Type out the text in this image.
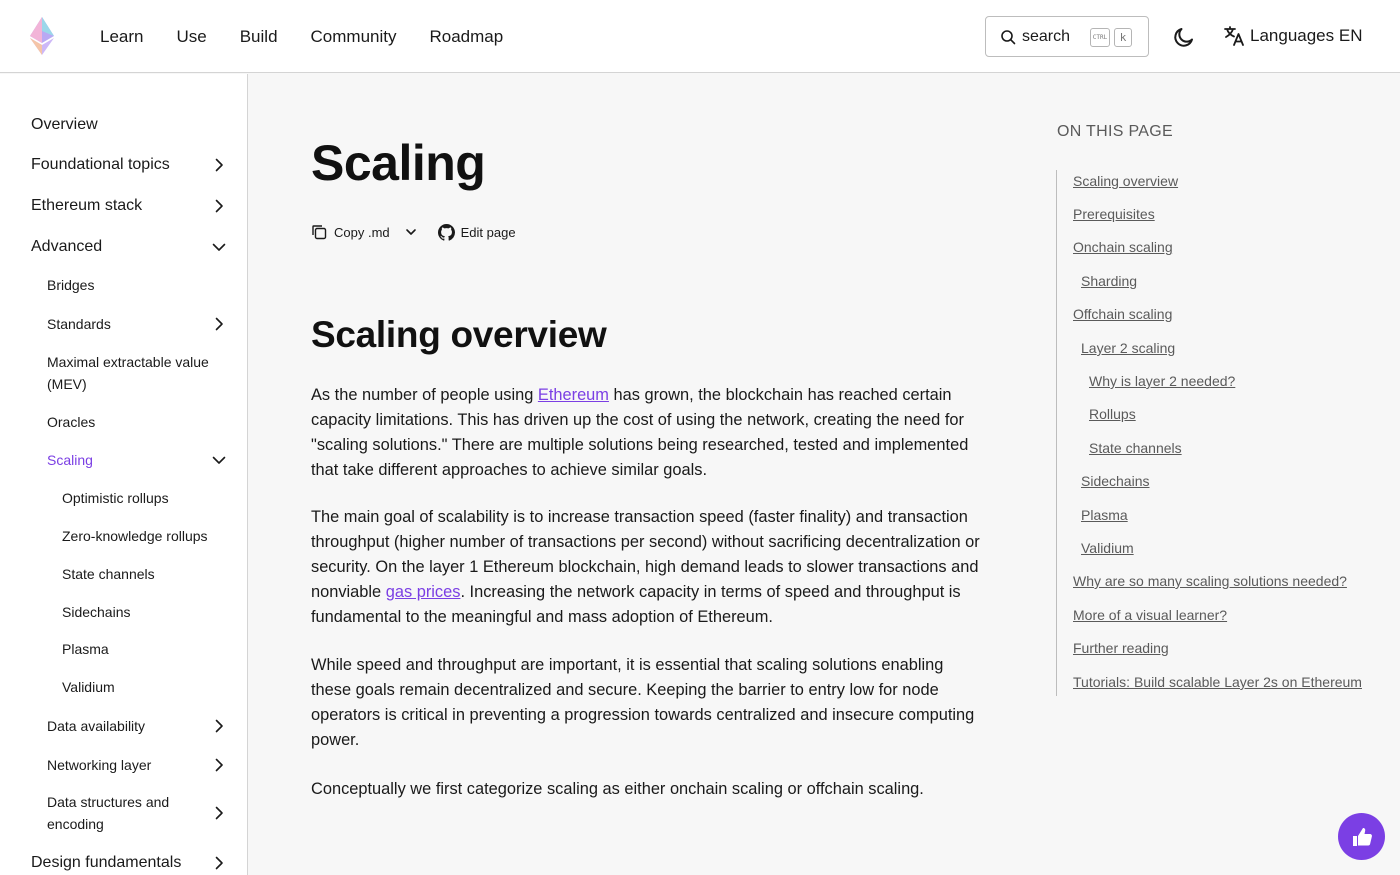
Learn Use Build Community Roadmap	search	CTRL	k	Languages EN
Overview
Foundational topics
Ethereum stack
Advanced
Bridges
Standards
Maximal extractable value (MEV)
Oracles
Scaling
Optimistic rollups
Zero-knowledge rollups
State channels
Sidechains
Plasma
Validium
Data availability
Networking layer
Data structures and encoding
Design fundamentals
Scaling
Copy .md	Edit page
Scaling overview

As the number of people using Ethereum has grown, the blockchain has reached certain capacity limitations. This has driven up the cost of using the network, creating the need for "scaling solutions." There are multiple solutions being researched, tested and implemented that take different approaches to achieve similar goals.

The main goal of scalability is to increase transaction speed (faster finality) and transaction throughput (higher number of transactions per second) without sacrificing decentralization or security. On the layer 1 Ethereum blockchain, high demand leads to slower transactions and nonviable gas prices. Increasing the network capacity in terms of speed and throughput is fundamental to the meaningful and mass adoption of Ethereum.

While speed and throughput are important, it is essential that scaling solutions enabling these goals remain decentralized and secure. Keeping the barrier to entry low for node operators is critical in preventing a progression towards centralized and insecure computing power.

Conceptually we first categorize scaling as either onchain scaling or offchain scaling.

ON THIS PAGE
Scaling overview
Prerequisites
Onchain scaling
Sharding
Offchain scaling
Layer 2 scaling
Why is layer 2 needed?
Rollups
State channels
Sidechains
Plasma
Validium
Why are so many scaling solutions needed?
More of a visual learner?
Further reading
Tutorials: Build scalable Layer 2s on Ethereum
